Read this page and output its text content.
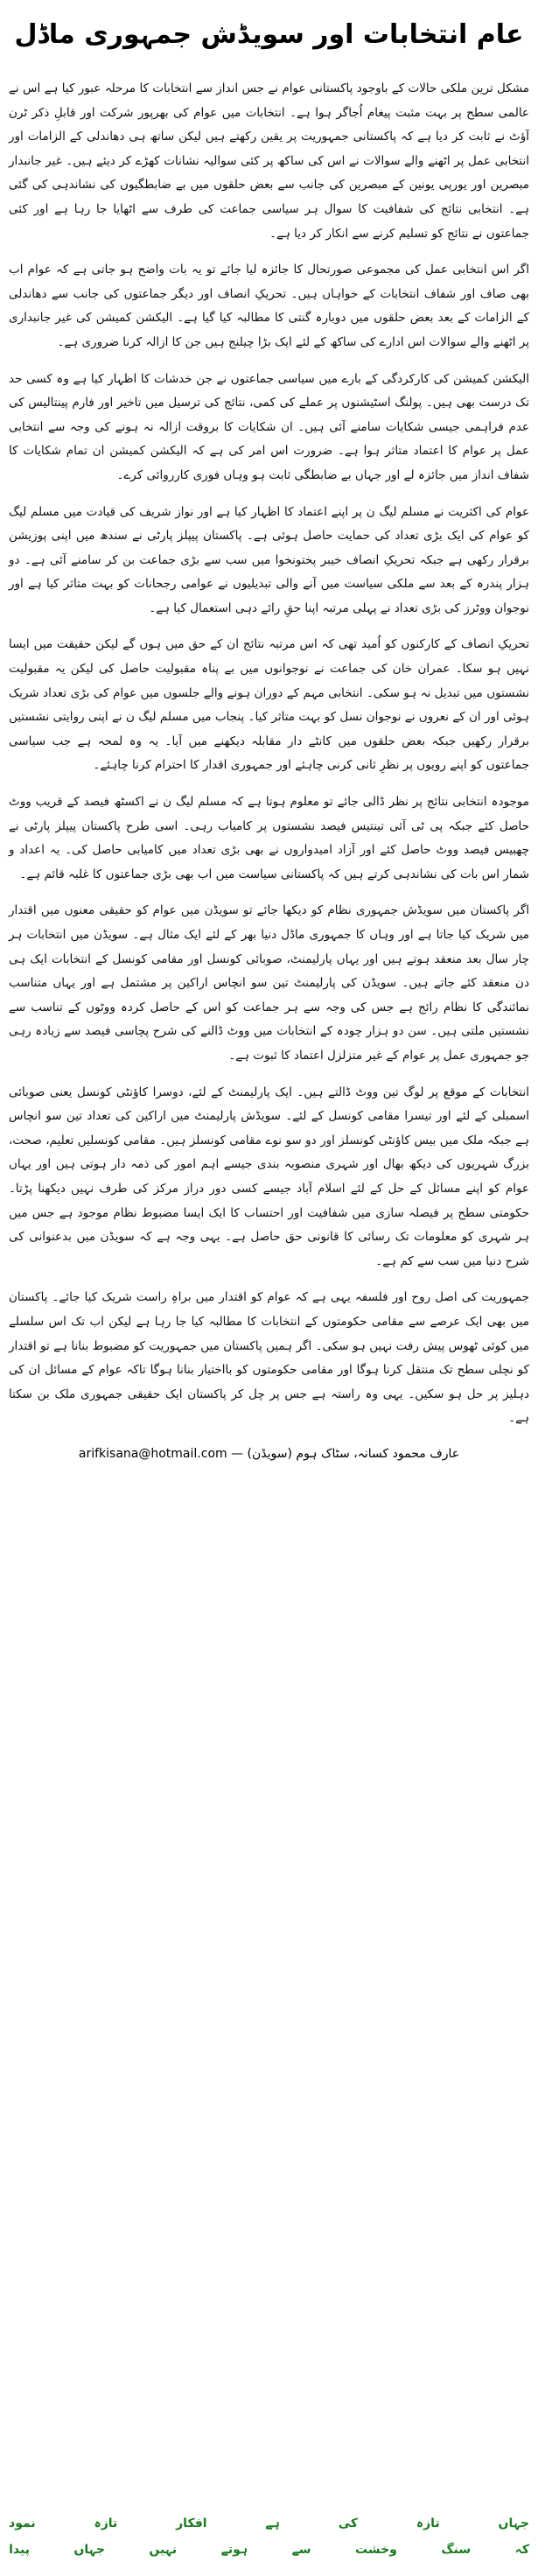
عام انتخابات اور سویڈش جمہوری ماڈل

مشکل ترین ملکی حالات کے باوجود پاکستانی عوام نے جس انداز سے انتخابات کا مرحلہ عبور کیا ہے اس نے عالمی سطح پر بہت مثبت پیغام اُجاگر ہوا ہے۔ انتخابات میں عوام کی بھرپور شرکت اور قابلِ ذکر ٹرن آؤٹ نے ثابت کر دیا ہے کہ پاکستانی جمہوریت پر یقین رکھتے ہیں لیکن ساتھ ہی دھاندلی کے الزامات اور انتخابی عمل پر اٹھنے والے سوالات نے اس کی ساکھ پر کئی سوالیہ نشانات کھڑے کر دیئے ہیں۔ غیر جانبدار مبصرین اور یورپی یونین کے مبصرین کی جانب سے بعض حلقوں میں بے ضابطگیوں کی نشاندہی کی گئی ہے۔ انتخابی نتائج کی شفافیت کا سوال ہر سیاسی جماعت کی طرف سے اٹھایا جا رہا ہے اور کئی جماعتوں نے نتائج کو تسلیم کرنے سے انکار کر دیا ہے۔

اگر اس انتخابی عمل کی مجموعی صورتحال کا جائزہ لیا جائے تو یہ بات واضح ہو جاتی ہے کہ عوام اب بھی صاف اور شفاف انتخابات کے خواہاں ہیں۔ تحریکِ انصاف اور دیگر جماعتوں کی جانب سے دھاندلی کے الزامات کے بعد بعض حلقوں میں دوبارہ گنتی کا مطالبہ کیا گیا ہے۔ الیکشن کمیشن کی غیر جانبداری پر اٹھنے والے سوالات اس ادارے کی ساکھ کے لئے ایک بڑا چیلنج ہیں جن کا ازالہ کرنا ضروری ہے۔

الیکشن کمیشن کی کارکردگی کے بارے میں سیاسی جماعتوں نے جن خدشات کا اظہار کیا ہے وہ کسی حد تک درست بھی ہیں۔ پولنگ اسٹیشنوں پر عملے کی کمی، نتائج کی ترسیل میں تاخیر اور فارم پینتالیس کی عدم فراہمی جیسی شکایات سامنے آئی ہیں۔ ان شکایات کا بروقت ازالہ نہ ہونے کی وجہ سے انتخابی عمل پر عوام کا اعتماد متاثر ہوا ہے۔ ضرورت اس امر کی ہے کہ الیکشن کمیشن ان تمام شکایات کا شفاف انداز میں جائزہ لے اور جہاں بے ضابطگی ثابت ہو وہاں فوری کارروائی کرے۔

عوام کی اکثریت نے مسلم لیگ ن پر اپنے اعتماد کا اظہار کیا ہے اور نواز شریف کی قیادت میں مسلم لیگ کو عوام کی ایک بڑی تعداد کی حمایت حاصل ہوئی ہے۔ پاکستان پیپلز پارٹی نے سندھ میں اپنی پوزیشن برقرار رکھی ہے جبکہ تحریکِ انصاف خیبر پختونخوا میں سب سے بڑی جماعت بن کر سامنے آئی ہے۔ دو ہزار پندرہ کے بعد سے ملکی سیاست میں آنے والی تبدیلیوں نے عوامی رجحانات کو بہت متاثر کیا ہے اور نوجوان ووٹرز کی بڑی تعداد نے پہلی مرتبہ اپنا حقِ رائے دہی استعمال کیا ہے۔

تحریکِ انصاف کے کارکنوں کو اُمید تھی کہ اس مرتبہ نتائج ان کے حق میں ہوں گے لیکن حقیقت میں ایسا نہیں ہو سکا۔ عمران خان کی جماعت نے نوجوانوں میں بے پناہ مقبولیت حاصل کی لیکن یہ مقبولیت نشستوں میں تبدیل نہ ہو سکی۔ انتخابی مہم کے دوران ہونے والے جلسوں میں عوام کی بڑی تعداد شریک ہوئی اور ان کے نعروں نے نوجوان نسل کو بہت متاثر کیا۔ پنجاب میں مسلم لیگ ن نے اپنی روایتی نشستیں برقرار رکھیں جبکہ بعض حلقوں میں کانٹے دار مقابلہ دیکھنے میں آیا۔ یہ وہ لمحہ ہے جب سیاسی جماعتوں کو اپنے رویوں پر نظرِ ثانی کرنی چاہئے اور جمہوری اقدار کا احترام کرنا چاہئے۔

موجودہ انتخابی نتائج پر نظر ڈالی جائے تو معلوم ہوتا ہے کہ مسلم لیگ ن نے اکسٹھ فیصد کے قریب ووٹ حاصل کئے جبکہ پی ٹی آئی تینتیس فیصد نشستوں پر کامیاب رہی۔ اسی طرح پاکستان پیپلز پارٹی نے چھبیس فیصد ووٹ حاصل کئے اور آزاد امیدواروں نے بھی بڑی تعداد میں کامیابی حاصل کی۔ یہ اعداد و شمار اس بات کی نشاندہی کرتے ہیں کہ پاکستانی سیاست میں اب بھی بڑی جماعتوں کا غلبہ قائم ہے۔

اگر پاکستان میں سویڈش جمہوری نظام کو دیکھا جائے تو سویڈن میں عوام کو حقیقی معنوں میں اقتدار میں شریک کیا جاتا ہے اور وہاں کا جمہوری ماڈل دنیا بھر کے لئے ایک مثال ہے۔ سویڈن میں انتخابات ہر چار سال بعد منعقد ہوتے ہیں اور یہاں پارلیمنٹ، صوبائی کونسل اور مقامی کونسل کے انتخابات ایک ہی دن منعقد کئے جاتے ہیں۔ سویڈن کی پارلیمنٹ تین سو انچاس اراکین پر مشتمل ہے اور یہاں متناسب نمائندگی کا نظام رائج ہے جس کی وجہ سے ہر جماعت کو اس کے حاصل کردہ ووٹوں کے تناسب سے نشستیں ملتی ہیں۔ سن دو ہزار چودہ کے انتخابات میں ووٹ ڈالنے کی شرح پچاسی فیصد سے زیادہ رہی جو جمہوری عمل پر عوام کے غیر متزلزل اعتماد کا ثبوت ہے۔

انتخابات کے موقع پر لوگ تین ووٹ ڈالتے ہیں۔ ایک پارلیمنٹ کے لئے، دوسرا کاؤنٹی کونسل یعنی صوبائی اسمبلی کے لئے اور تیسرا مقامی کونسل کے لئے۔ سویڈش پارلیمنٹ میں اراکین کی تعداد تین سو انچاس ہے جبکہ ملک میں بیس کاؤنٹی کونسلز اور دو سو نوے مقامی کونسلز ہیں۔ مقامی کونسلیں تعلیم، صحت، بزرگ شہریوں کی دیکھ بھال اور شہری منصوبہ بندی جیسے اہم امور کی ذمہ دار ہوتی ہیں اور یہاں عوام کو اپنے مسائل کے حل کے لئے اسلام آباد جیسے کسی دور دراز مرکز کی طرف نہیں دیکھنا پڑتا۔ حکومتی سطح پر فیصلہ سازی میں شفافیت اور احتساب کا ایک ایسا مضبوط نظام موجود ہے جس میں ہر شہری کو معلومات تک رسائی کا قانونی حق حاصل ہے۔ یہی وجہ ہے کہ سویڈن میں بدعنوانی کی شرح دنیا میں سب سے کم ہے۔

جمہوریت کی اصل روح اور فلسفہ یہی ہے کہ عوام کو اقتدار میں براہِ راست شریک کیا جائے۔ پاکستان میں بھی ایک عرصے سے مقامی حکومتوں کے انتخابات کا مطالبہ کیا جا رہا ہے لیکن اب تک اس سلسلے میں کوئی ٹھوس پیش رفت نہیں ہو سکی۔ اگر ہمیں پاکستان میں جمہوریت کو مضبوط بنانا ہے تو اقتدار کو نچلی سطح تک منتقل کرنا ہوگا اور مقامی حکومتوں کو بااختیار بنانا ہوگا تاکہ عوام کے مسائل ان کی دہلیز پر حل ہو سکیں۔ یہی وہ راستہ ہے جس پر چل کر پاکستان ایک حقیقی جمہوری ملک بن سکتا ہے۔

عارف محمود کسانہ، سٹاک ہوم (سویڈن) — arifkisana@hotmail.com
جہاں
تازہ
کی
ہے
افکار
تازہ
نمود
کہ
سنگ
وخشت
سے
ہوتے
نہیں
جہاں
پیدا
